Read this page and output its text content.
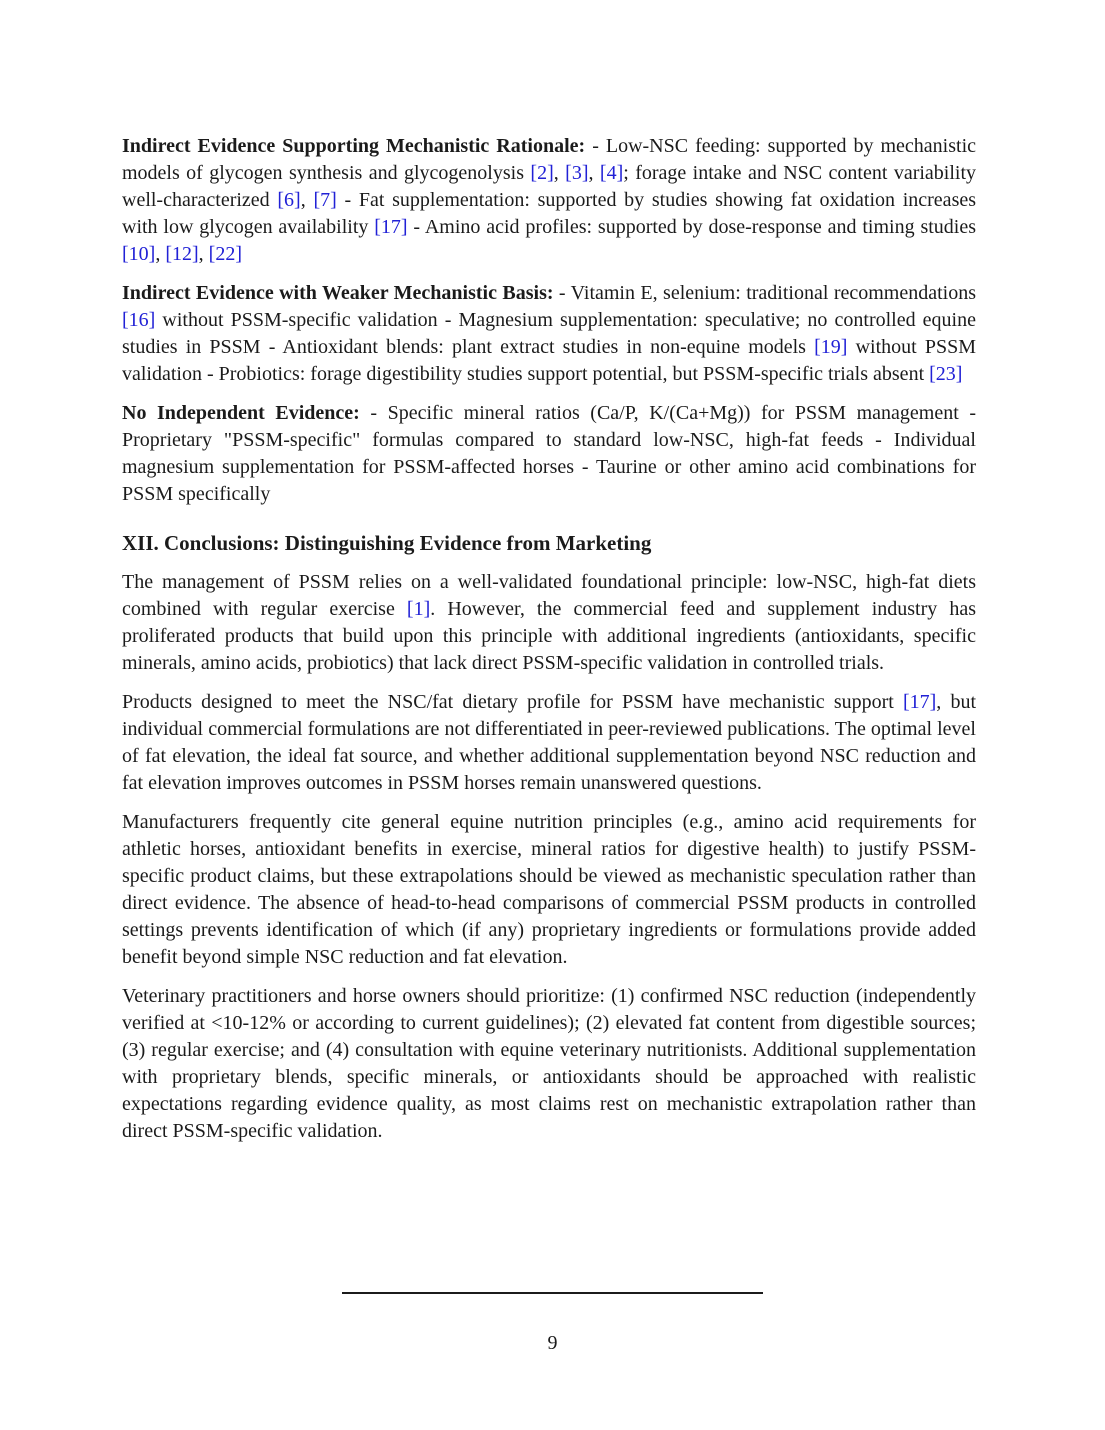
Indirect Evidence Supporting Mechanistic Rationale: - Low-NSC feeding: supported by mechanistic models of glycogen synthesis and glycogenolysis [2], [3], [4]; forage intake and NSC content variability well-characterized [6], [7] - Fat supplementation: supported by studies showing fat oxidation increases with low glycogen availability [17] - Amino acid profiles: supported by dose-response and timing studies [10], [12], [22]

Indirect Evidence with Weaker Mechanistic Basis: - Vitamin E, selenium: traditional recommendations [16] without PSSM-specific validation - Magnesium supplementation: speculative; no controlled equine studies in PSSM - Antioxidant blends: plant extract studies in non-equine models [19] without PSSM validation - Probiotics: forage digestibility studies support potential, but PSSM-specific trials absent [23]

No Independent Evidence: - Specific mineral ratios (Ca/P, K/(Ca+Mg)) for PSSM management - Proprietary "PSSM-specific" formulas compared to standard low-NSC, high-fat feeds - Individual magnesium supplementation for PSSM-affected horses - Taurine or other amino acid combinations for PSSM specifically

XII. Conclusions: Distinguishing Evidence from Marketing

The management of PSSM relies on a well-validated foundational principle: low-NSC, high-fat diets combined with regular exercise [1]. However, the commercial feed and supplement industry has proliferated products that build upon this principle with additional ingredients (antioxidants, specific minerals, amino acids, probiotics) that lack direct PSSM-specific validation in controlled trials.

Products designed to meet the NSC/fat dietary profile for PSSM have mechanistic support [17], but individual commercial formulations are not differentiated in peer-reviewed publications. The optimal level of fat elevation, the ideal fat source, and whether additional supplementation beyond NSC reduction and fat elevation improves outcomes in PSSM horses remain unanswered questions.

Manufacturers frequently cite general equine nutrition principles (e.g., amino acid requirements for athletic horses, antioxidant benefits in exercise, mineral ratios for digestive health) to justify PSSM-specific product claims, but these extrapolations should be viewed as mechanistic speculation rather than direct evidence. The absence of head-to-head comparisons of commercial PSSM products in controlled settings prevents identification of which (if any) proprietary ingredients or formulations provide added benefit beyond simple NSC reduction and fat elevation.

Veterinary practitioners and horse owners should prioritize: (1) confirmed NSC reduction (independently verified at <10-12% or according to current guidelines); (2) elevated fat content from digestible sources; (3) regular exercise; and (4) consultation with equine veterinary nutritionists. Additional supplementation with proprietary blends, specific minerals, or antioxidants should be approached with realistic expectations regarding evidence quality, as most claims rest on mechanistic extrapolation rather than direct PSSM-specific validation.

9
